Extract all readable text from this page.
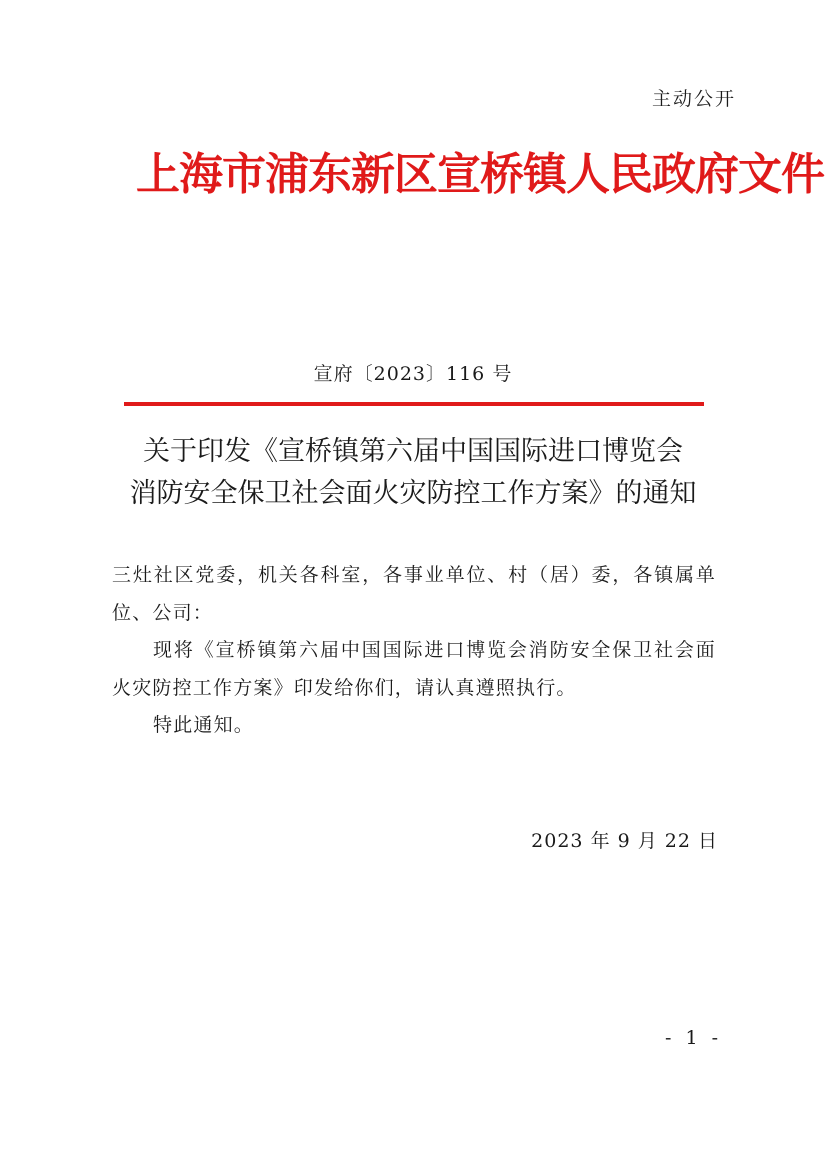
主动公开
上海市浦东新区宣桥镇人民政府文件
宣府〔2023〕116 号
关于印发《宣桥镇第六届中国国际进口博览会
消防安全保卫社会面火灾防控工作方案》的通知
三灶社区党委，机关各科室，各事业单位、村（居）委，各镇属单位、公司：
现将《宣桥镇第六届中国国际进口博览会消防安全保卫社会面火灾防控工作方案》印发给你们，请认真遵照执行。
特此通知。
2023 年 9 月 22 日
- 1 -
